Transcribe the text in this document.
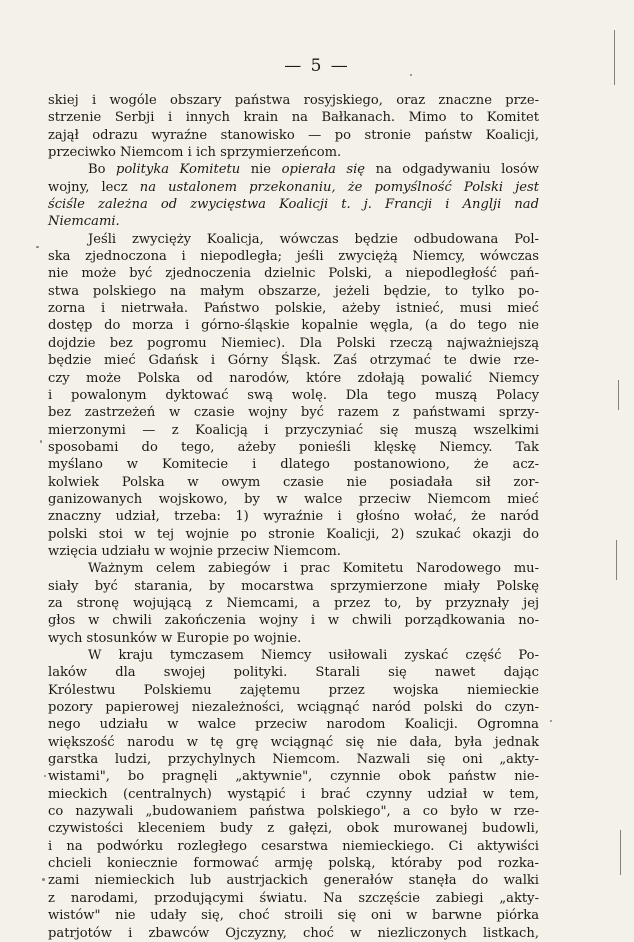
— 5 —

skiej i wogóle obszary państwa rosyjskiego, oraz znaczne prze-

strzenie Serbji i innych krain na Bałkanach. Mimo to Komitet

zajął odrazu wyraźne stanowisko — po stronie państw Koalicji,

przeciwko Niemcom i ich sprzymierzeńcom.

Bo polityka Komitetu nie opierała się na odgadywaniu losów

wojny, lecz na ustalonem przekonaniu, że pomyślność Polski jest

ściśle zależna od zwycięstwa Koalicji t. j. Francji i Anglji nad

Niemcami.

Jeśli zwycięży Koalicja, wówczas będzie odbudowana Pol-

ska zjednoczona i niepodległa; jeśli zwyciężą Niemcy, wówczas

nie może być zjednoczenia dzielnic Polski, a niepodległość pań-

stwa polskiego na małym obszarze, jeżeli będzie, to tylko po-

zorna i nietrwała. Państwo polskie, ażeby istnieć, musi mieć

dostęp do morza i górno-śląskie kopalnie węgla, (a do tego nie

dojdzie bez pogromu Niemiec). Dla Polski rzeczą najważniejszą

będzie mieć Gdańsk i Górny Śląsk. Zaś otrzymać te dwie rze-

czy może Polska od narodów, które zdołają powalić Niemcy

i powalonym dyktować swą wolę. Dla tego muszą Polacy

bez zastrzeżeń w czasie wojny być razem z państwami sprzy-

mierzonymi — z Koalicją i przyczyniać się muszą wszelkimi

sposobami do tego, ażeby ponieśli klęskę Niemcy. Tak

myślano w Komitecie i dlatego postanowiono, że acz-

kolwiek Polska w owym czasie nie posiadała sił zor-

ganizowanych wojskowo, by w walce przeciw Niemcom mieć

znaczny udział, trzeba: 1) wyraźnie i głośno wołać, że naród

polski stoi w tej wojnie po stronie Koalicji, 2) szukać okazji do

wzięcia udziału w wojnie przeciw Niemcom.

Ważnym celem zabiegów i prac Komitetu Narodowego mu-

siały być starania, by mocarstwa sprzymierzone miały Polskę

za stronę wojującą z Niemcami, a przez to, by przyznały jej

głos w chwili zakończenia wojny i w chwili porządkowania no-

wych stosunków w Europie po wojnie.

W kraju tymczasem Niemcy usiłowali zyskać część Po-

laków dla swojej polityki. Starali się nawet dając

Królestwu Polskiemu zajętemu przez wojska niemieckie

pozory papierowej niezależności, wciągnąć naród polski do czyn-

nego udziału w walce przeciw narodom Koalicji. Ogromna

większość narodu w tę grę wciągnąć się nie dała, była jednak

garstka ludzi, przychylnych Niemcom. Nazwali się oni „akty-

wistami", bo pragnęli „aktywnie", czynnie obok państw nie-

mieckich (centralnych) wystąpić i brać czynny udział w tem,

co nazywali „budowaniem państwa polskiego", a co było w rze-

czywistości kleceniem budy z gałęzi, obok murowanej budowli,

i na podwórku rozległego cesarstwa niemieckiego. Ci aktywiści

chcieli koniecznie formować armję polską, któraby pod rozka-

zami niemieckich lub austrjackich generałów stanęła do walki

z narodami, przodującymi światu. Na szczęście zabiegi „akty-

wistów" nie udały się, choć stroili się oni w barwne piórka

patrjotów i zbawców Ojczyzny, choć w niezliczonych listkach,
